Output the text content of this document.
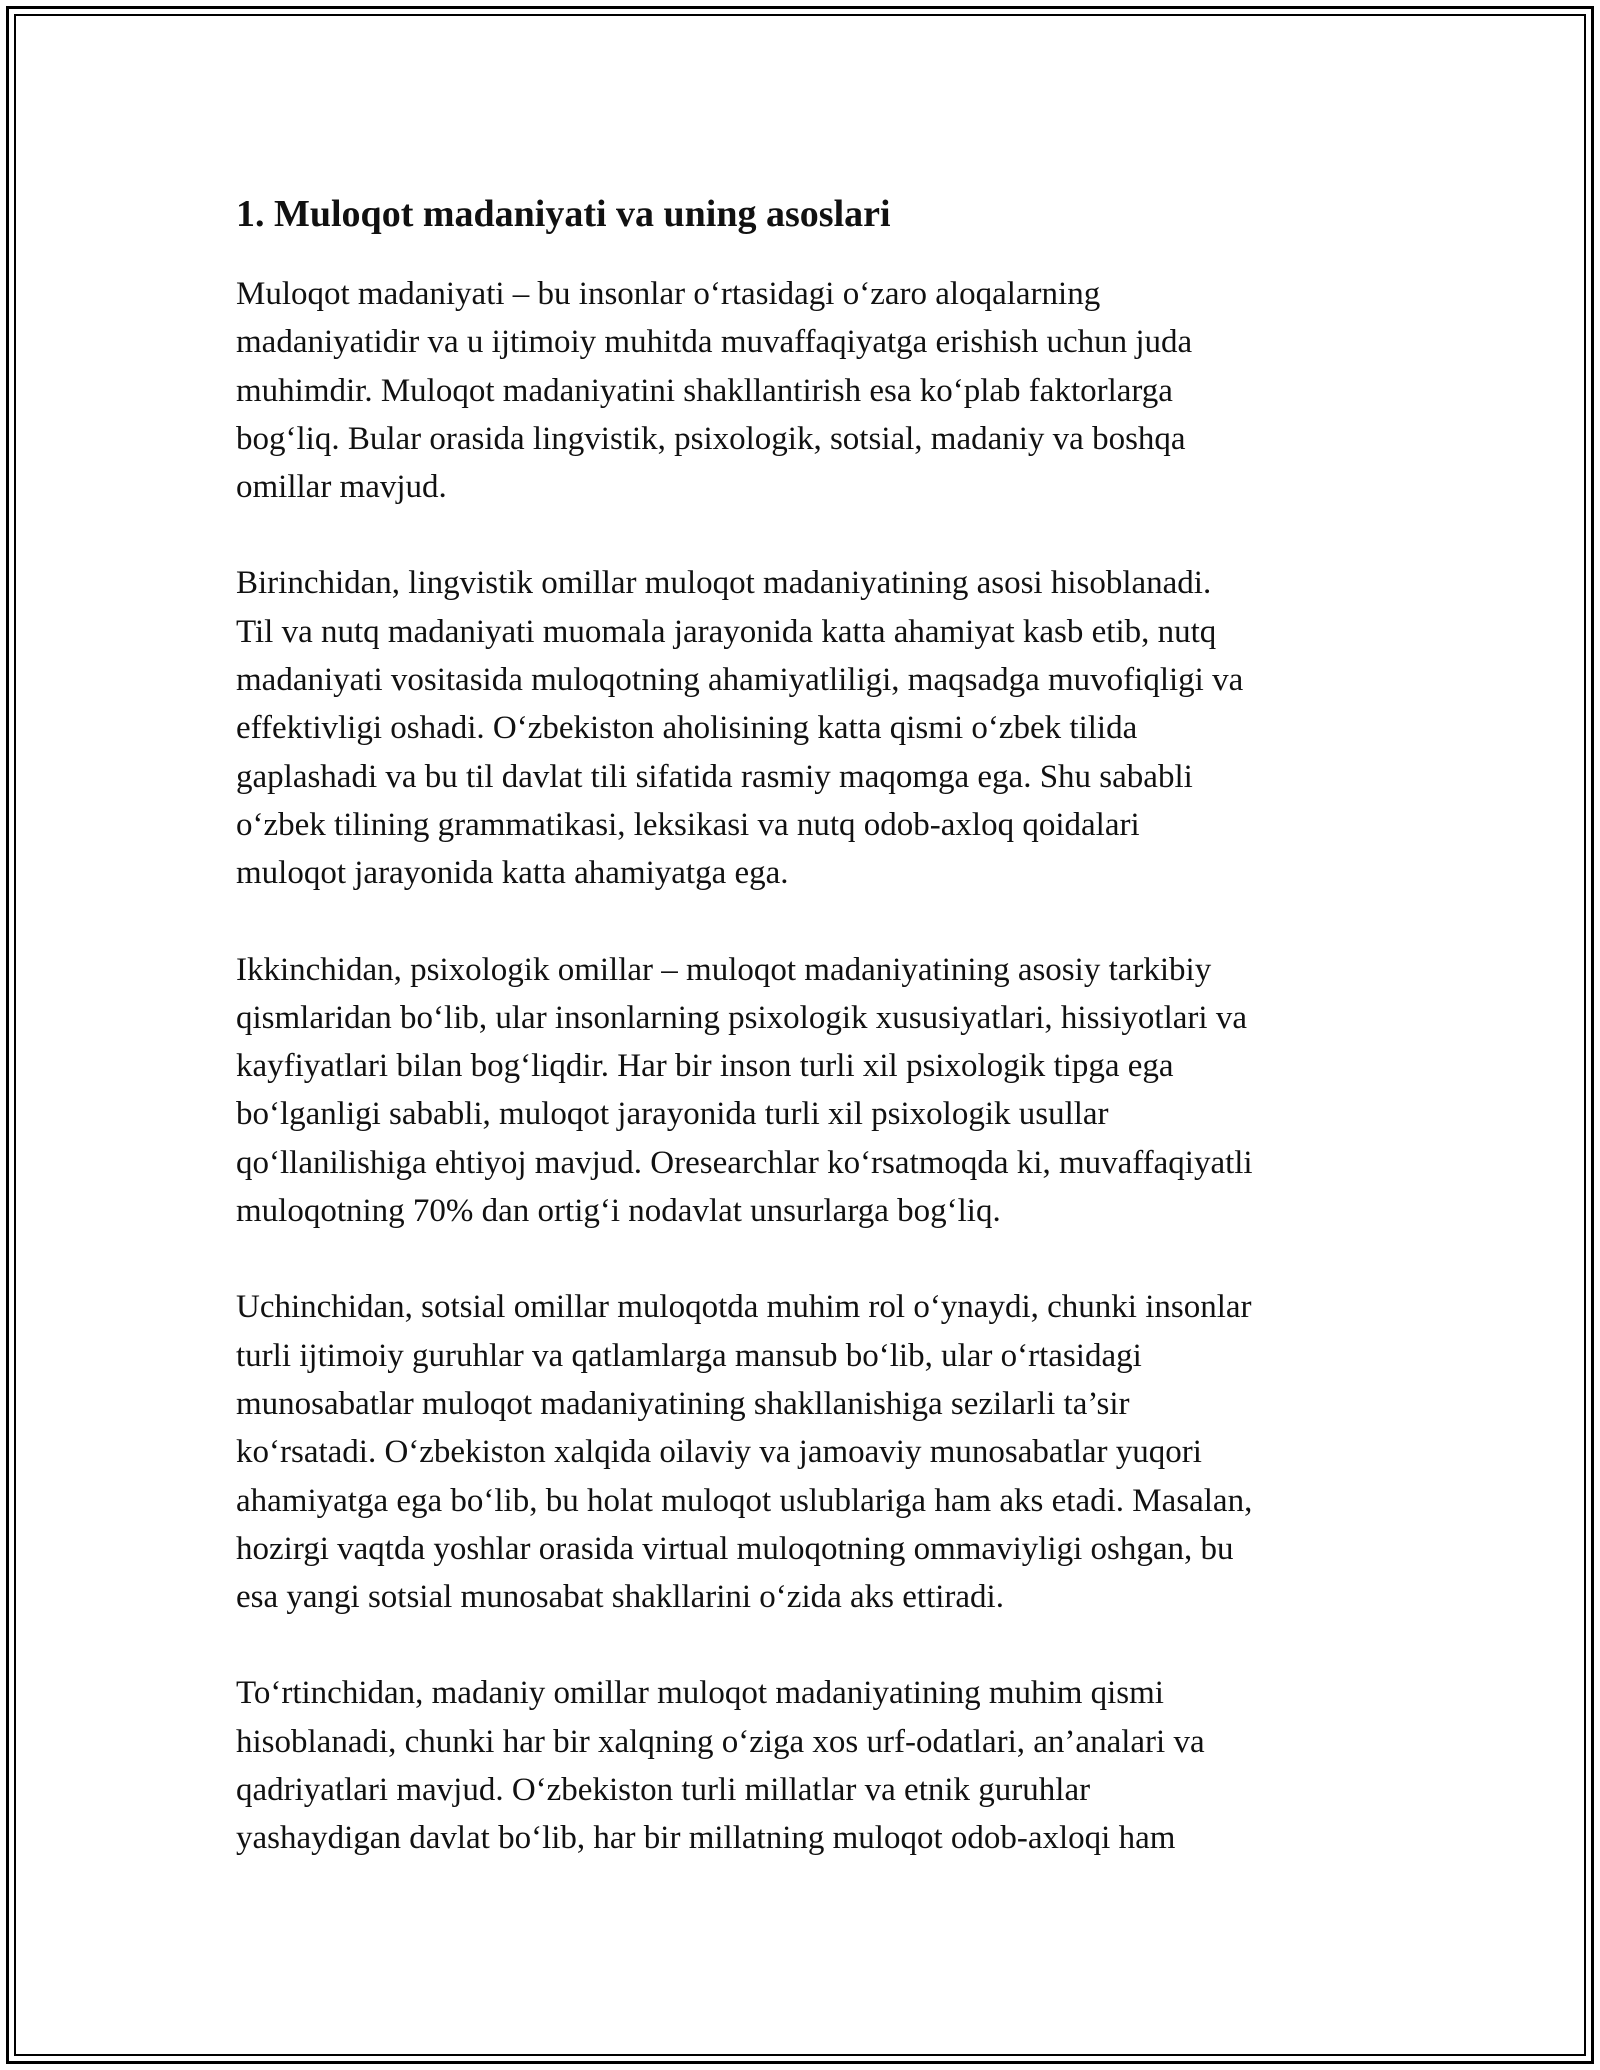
1. Muloqot madaniyati va uning asoslari

Muloqot madaniyati – bu insonlar o‘rtasidagi o‘zaro aloqalarning
madaniyatidir va u ijtimoiy muhitda muvaffaqiyatga erishish uchun juda
muhimdir. Muloqot madaniyatini shakllantirish esa ko‘plab faktorlarga
bog‘liq. Bular orasida lingvistik, psixologik, sotsial, madaniy va boshqa
omillar mavjud.

Birinchidan, lingvistik omillar muloqot madaniyatining asosi hisoblanadi.
Til va nutq madaniyati muomala jarayonida katta ahamiyat kasb etib, nutq
madaniyati vositasida muloqotning ahamiyatliligi, maqsadga muvofiqligi va
effektivligi oshadi. O‘zbekiston aholisining katta qismi o‘zbek tilida
gaplashadi va bu til davlat tili sifatida rasmiy maqomga ega. Shu sababli
o‘zbek tilining grammatikasi, leksikasi va nutq odob-axloq qoidalari
muloqot jarayonida katta ahamiyatga ega.

Ikkinchidan, psixologik omillar – muloqot madaniyatining asosiy tarkibiy
qismlaridan bo‘lib, ular insonlarning psixologik xususiyatlari, hissiyotlari va
kayfiyatlari bilan bog‘liqdir. Har bir inson turli xil psixologik tipga ega
bo‘lganligi sababli, muloqot jarayonida turli xil psixologik usullar
qo‘llanilishiga ehtiyoj mavjud. Oresearchlar ko‘rsatmoqda ki, muvaffaqiyatli
muloqotning 70% dan ortig‘i nodavlat unsurlarga bog‘liq.

Uchinchidan, sotsial omillar muloqotda muhim rol o‘ynaydi, chunki insonlar
turli ijtimoiy guruhlar va qatlamlarga mansub bo‘lib, ular o‘rtasidagi
munosabatlar muloqot madaniyatining shakllanishiga sezilarli ta’sir
ko‘rsatadi. O‘zbekiston xalqida oilaviy va jamoaviy munosabatlar yuqori
ahamiyatga ega bo‘lib, bu holat muloqot uslublariga ham aks etadi. Masalan,
hozirgi vaqtda yoshlar orasida virtual muloqotning ommaviyligi oshgan, bu
esa yangi sotsial munosabat shakllarini o‘zida aks ettiradi.

To‘rtinchidan, madaniy omillar muloqot madaniyatining muhim qismi
hisoblanadi, chunki har bir xalqning o‘ziga xos urf-odatlari, an’analari va
qadriyatlari mavjud. O‘zbekiston turli millatlar va etnik guruhlar
yashaydigan davlat bo‘lib, har bir millatning muloqot odob-axloqi ham
